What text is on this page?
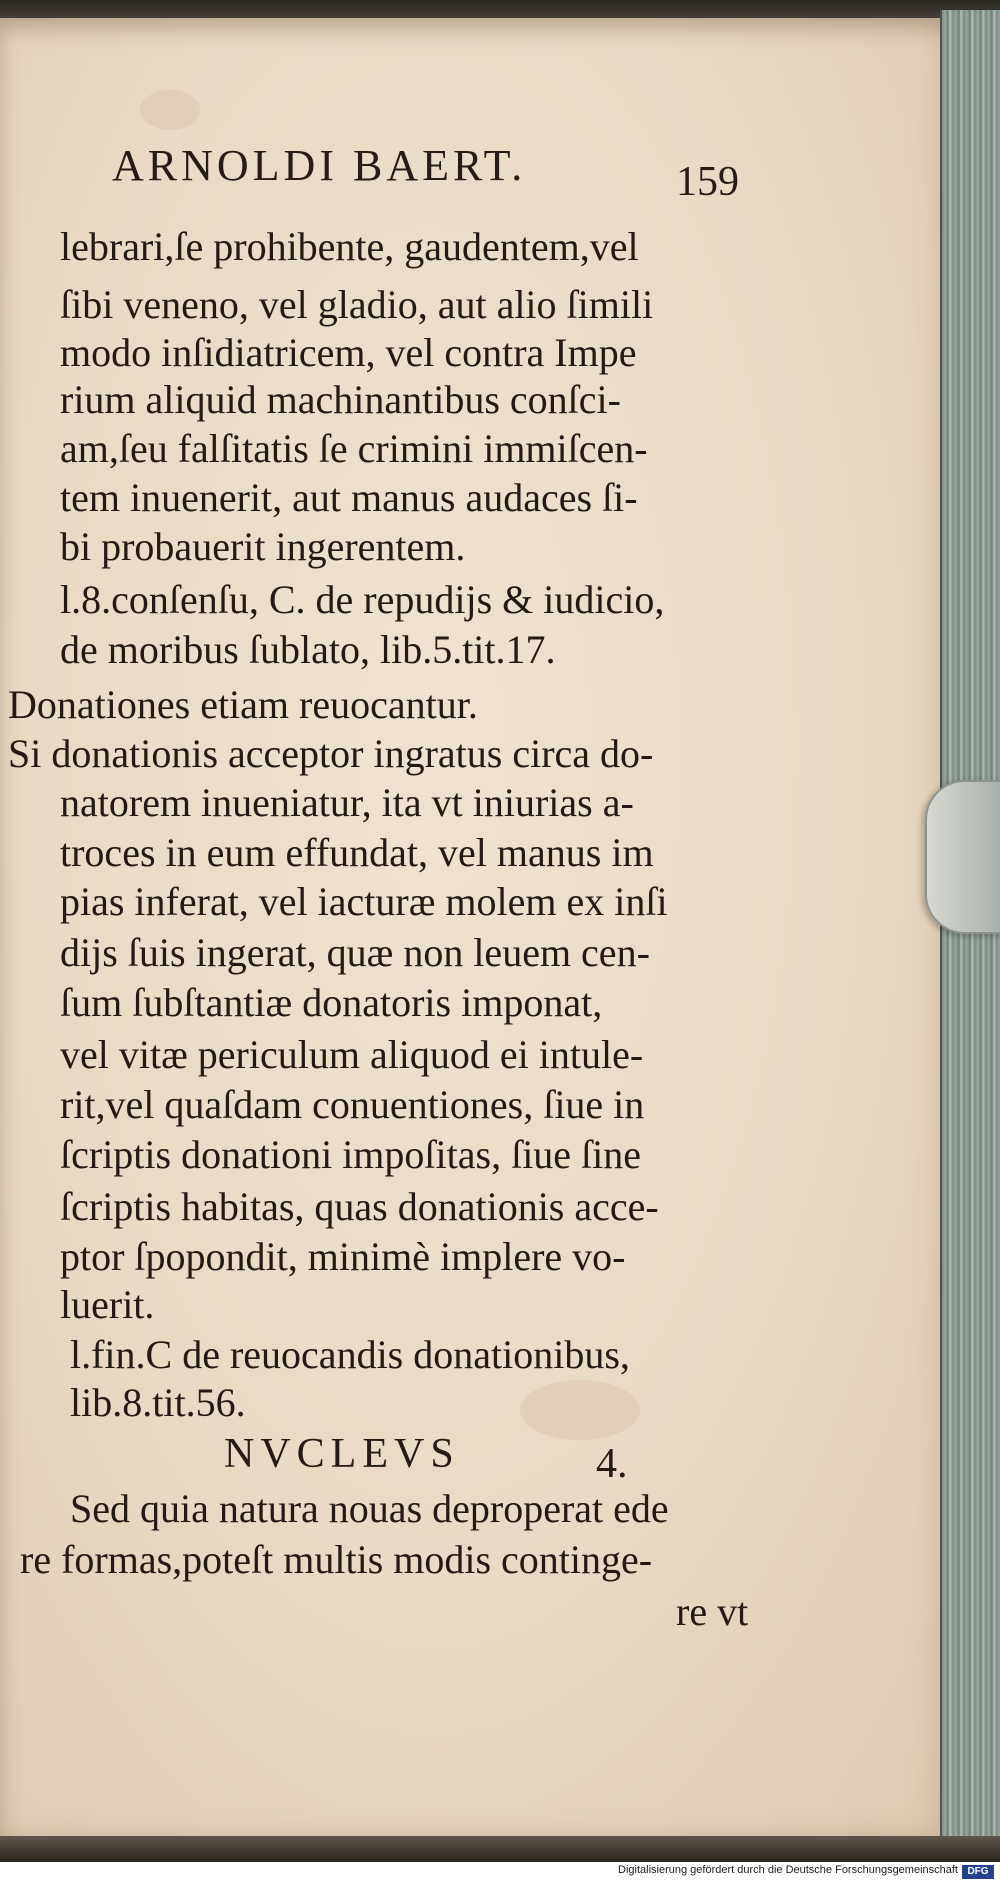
ARNOLDI BAERT.	159
lebrari,ſe prohibente, gaudentem,vel
ſibi veneno, vel gladio, aut alio ſimili
modo inſidiatricem, vel contra Impe
rium aliquid machinantibus conſci-
am,ſeu falſitatis ſe crimini immiſcen-
tem inuenerit, aut manus audaces ſi-
bi probauerit ingerentem.
l.8.conſenſu, C. de repudijs & iudicio,
de moribus ſublato, lib.5.tit.17.
Donationes etiam reuocantur.
Si donationis acceptor ingratus circa do-
natorem inueniatur, ita vt iniurias a-
troces in eum effundat, vel manus im
pias inferat, vel iacturæ molem ex inſi
dijs ſuis ingerat, quæ non leuem cen-
ſum ſubſtantiæ donatoris imponat,
vel vitæ periculum aliquod ei intule-
rit,vel quaſdam conuentiones, ſiue in
ſcriptis donationi impoſitas, ſiue ſine
ſcriptis habitas, quas donationis acce-
ptor ſpopondit, minimè implere vo-
luerit.
l.fin.C de reuocandis donationibus,
lib.8.tit.56.
NVCLEVS	4.
Sed quia natura nouas deproperat ede
re formas,poteſt multis modis continge-
re vt
Digitalisierung gefördert durch die Deutsche Forschungsgemeinschaft DFG
